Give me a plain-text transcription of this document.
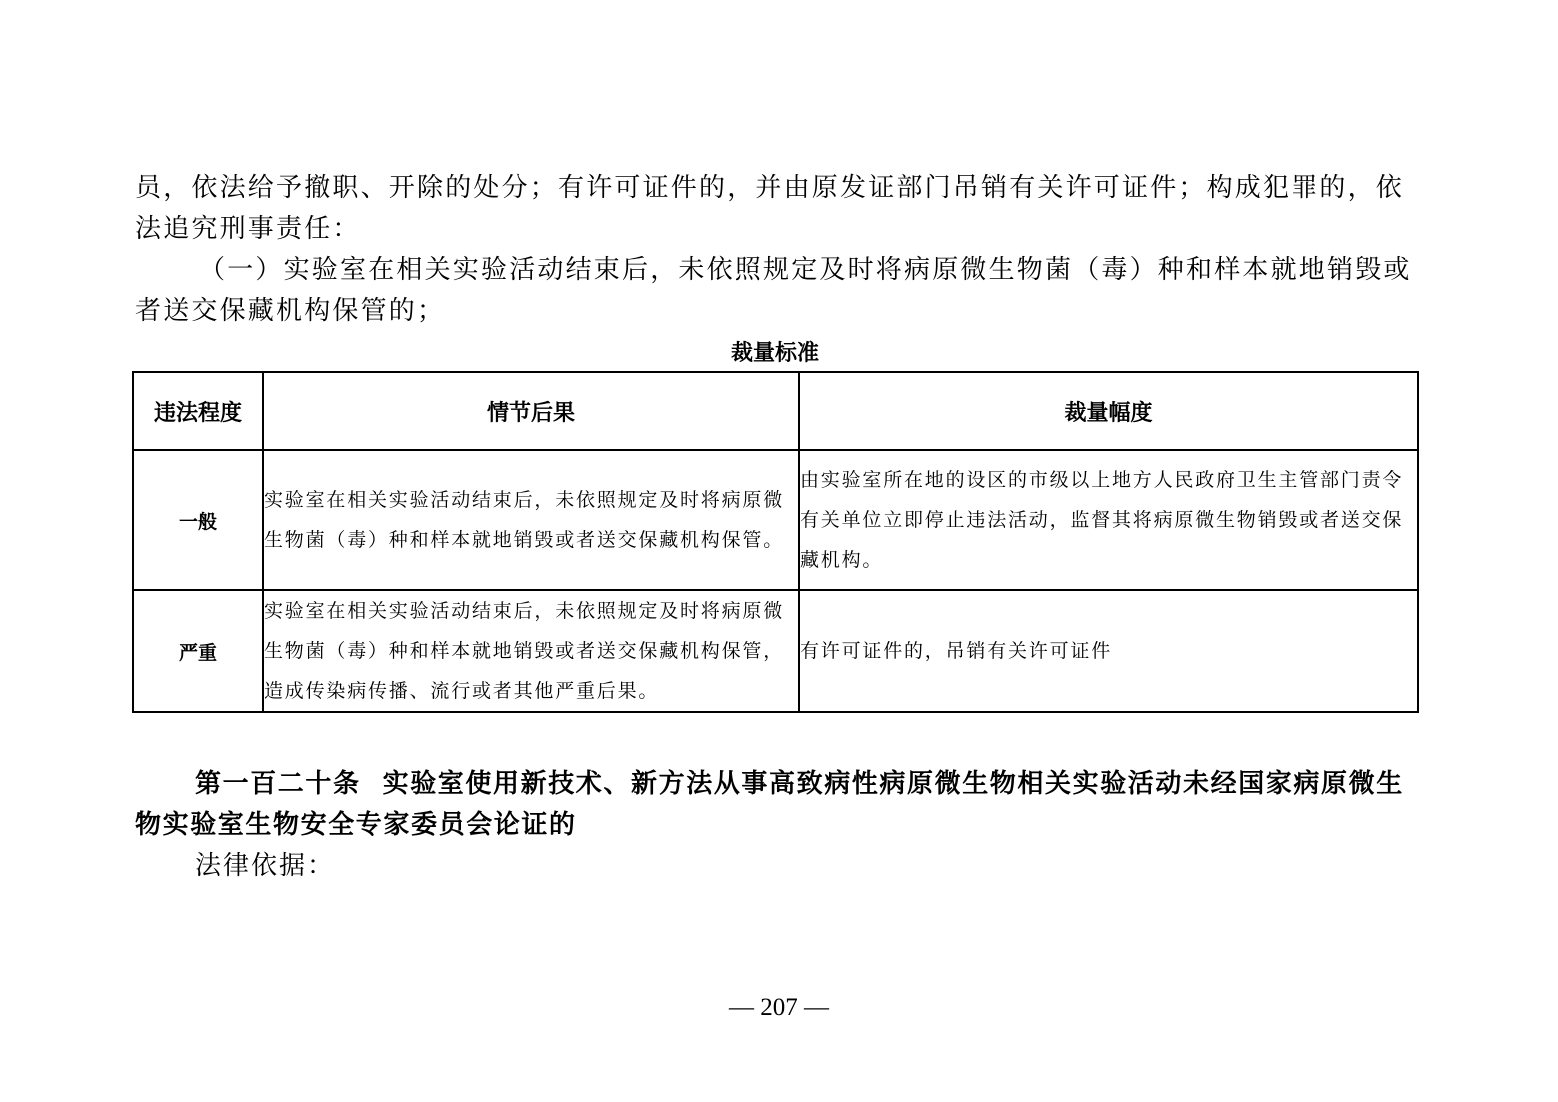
员，依法给予撤职、开除的处分；有许可证件的，并由原发证部门吊销有关许可证件；构成犯罪的，依法追究刑事责任：

（一）实验室在相关实验活动结束后，未依照规定及时将病原微生物菌（毒）种和样本就地销毁或者送交保藏机构保管的；

裁量标准
违法程度	情节后果	裁量幅度
一般	实验室在相关实验活动结束后，未依照规定及时将病原微生物菌（毒）种和样本就地销毁或者送交保藏机构保管。	由实验室所在地的设区的市级以上地方人民政府卫生主管部门责令有关单位立即停止违法活动，监督其将病原微生物销毁或者送交保藏机构。
严重	实验室在相关实验活动结束后，未依照规定及时将病原微生物菌（毒）种和样本就地销毁或者送交保藏机构保管，造成传染病传播、流行或者其他严重后果。	有许可证件的，吊销有关许可证件

第一百二十条 实验室使用新技术、新方法从事高致病性病原微生物相关实验活动未经国家病原微生物实验室生物安全专家委员会论证的

法律依据：

— 207 —
